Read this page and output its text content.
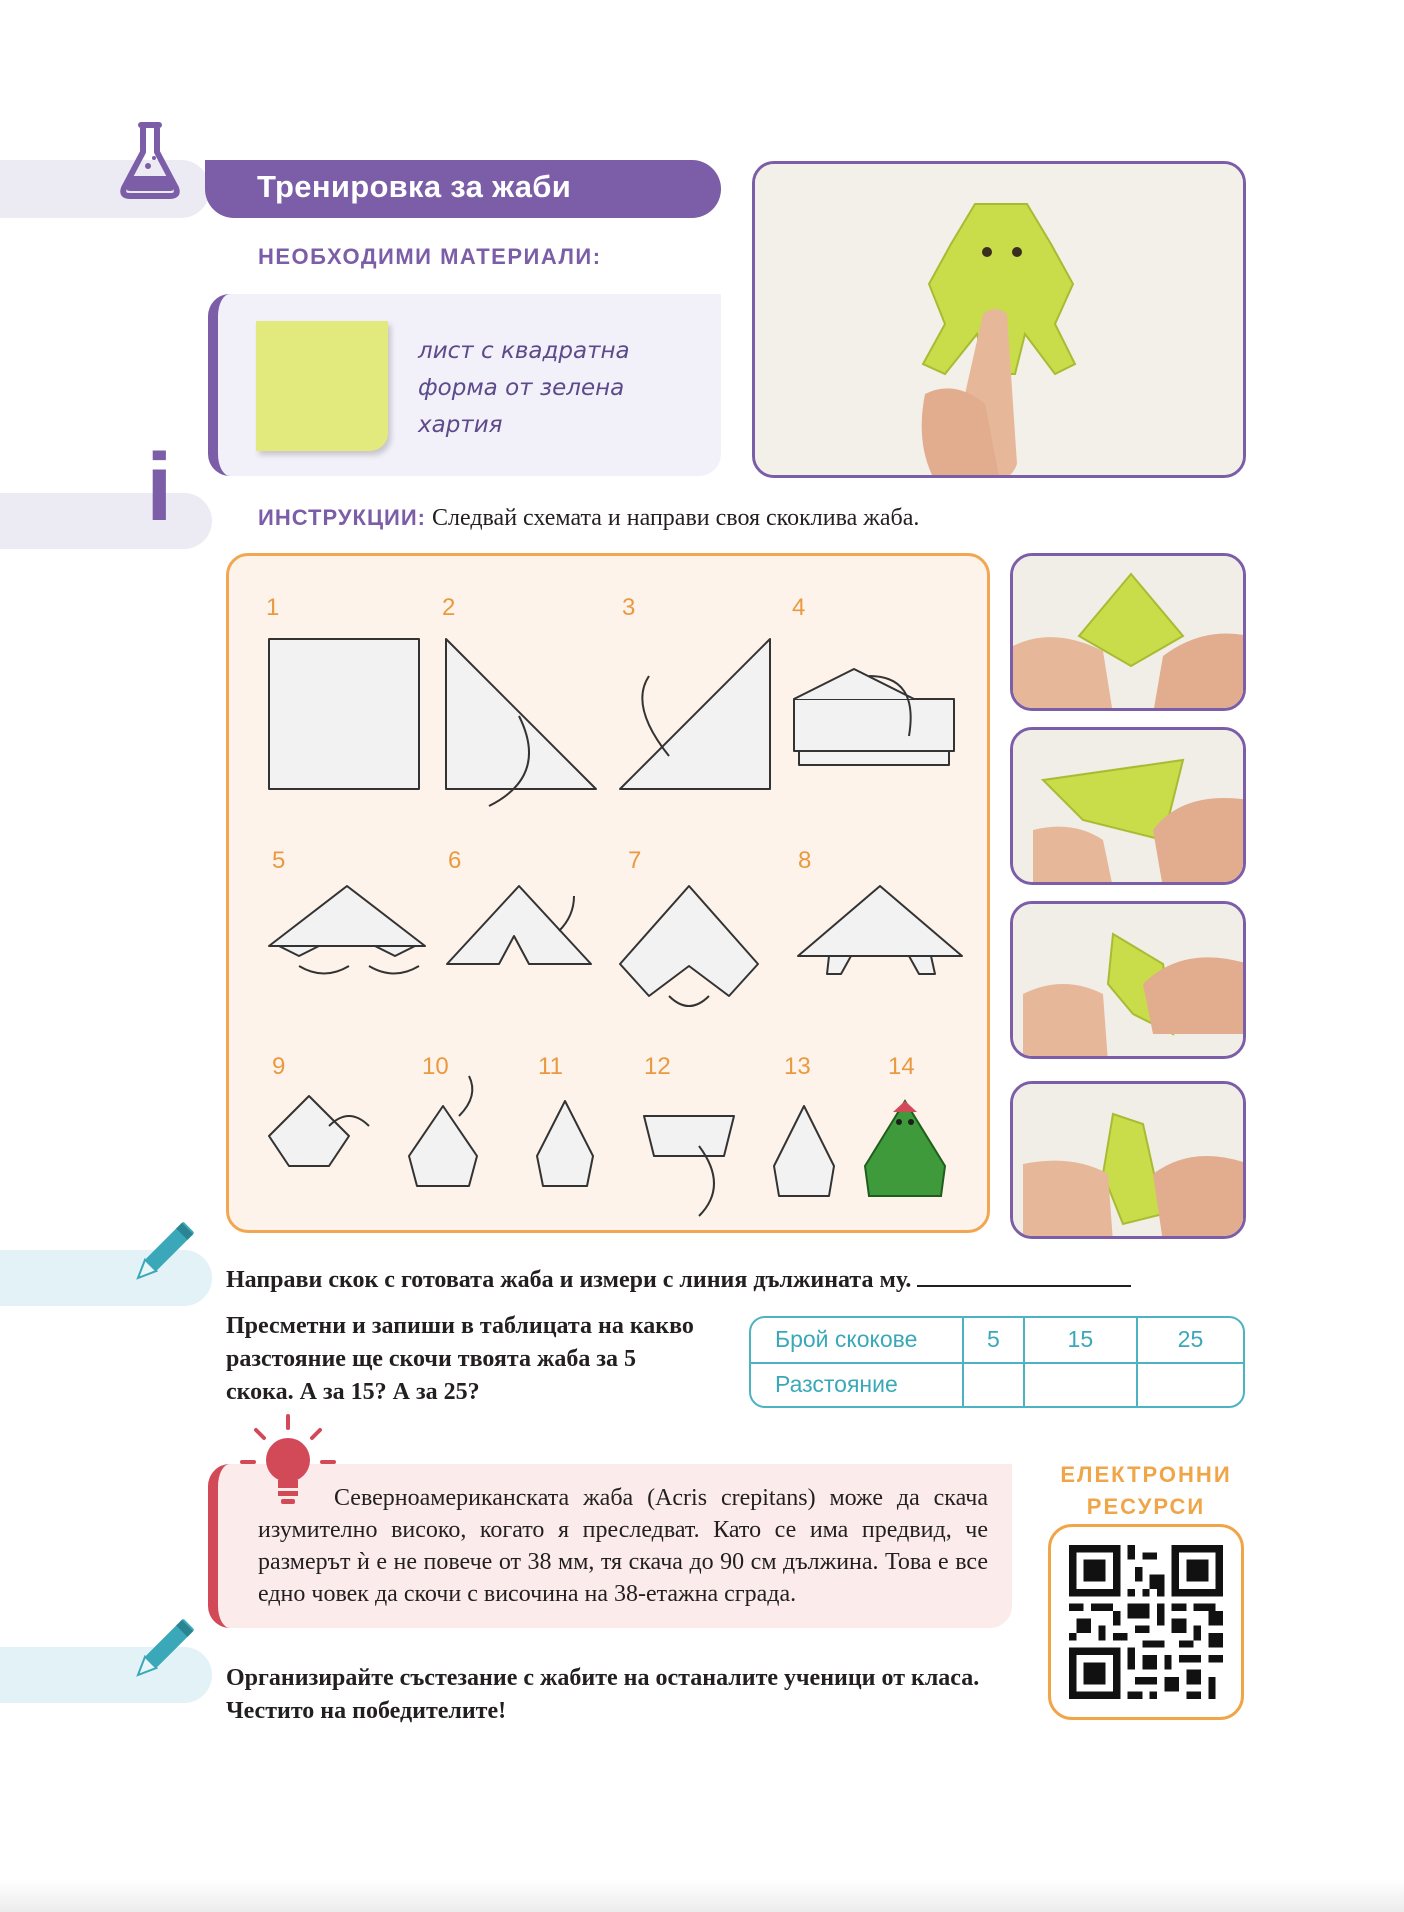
Тренировка за жаби
НЕОБХОДИМИ МАТЕРИАЛИ:
лист с квадратна форма от зелена хартия
i	ИНСТРУКЦИИ: Следвай схемата и направи своя скоклива жаба.
1	2	3	4
5	6	7	8
9	10	11	12	13	14
Направи скок с готовата жаба и измери с линия дължината му.
Пресметни и запиши в таблицата на какво разстояние ще скочи твоята жаба за 5 скока. А за 15? А за 25?
Брой скокове	5	15	25
Разстояние			
Северноамериканската жаба (Acris crepitans) може да скача изумително високо, когато я преследват. Като се има предвид, че размерът ѝ е не повече от 38 мм, тя скача до 90 см дължина. Това е все едно човек да скочи с височина на 38-етажна сграда.
ЕЛЕКТРОННИ РЕСУРСИ
Организирайте състезание с жабите на останалите ученици от класа. Честито на победителите!
